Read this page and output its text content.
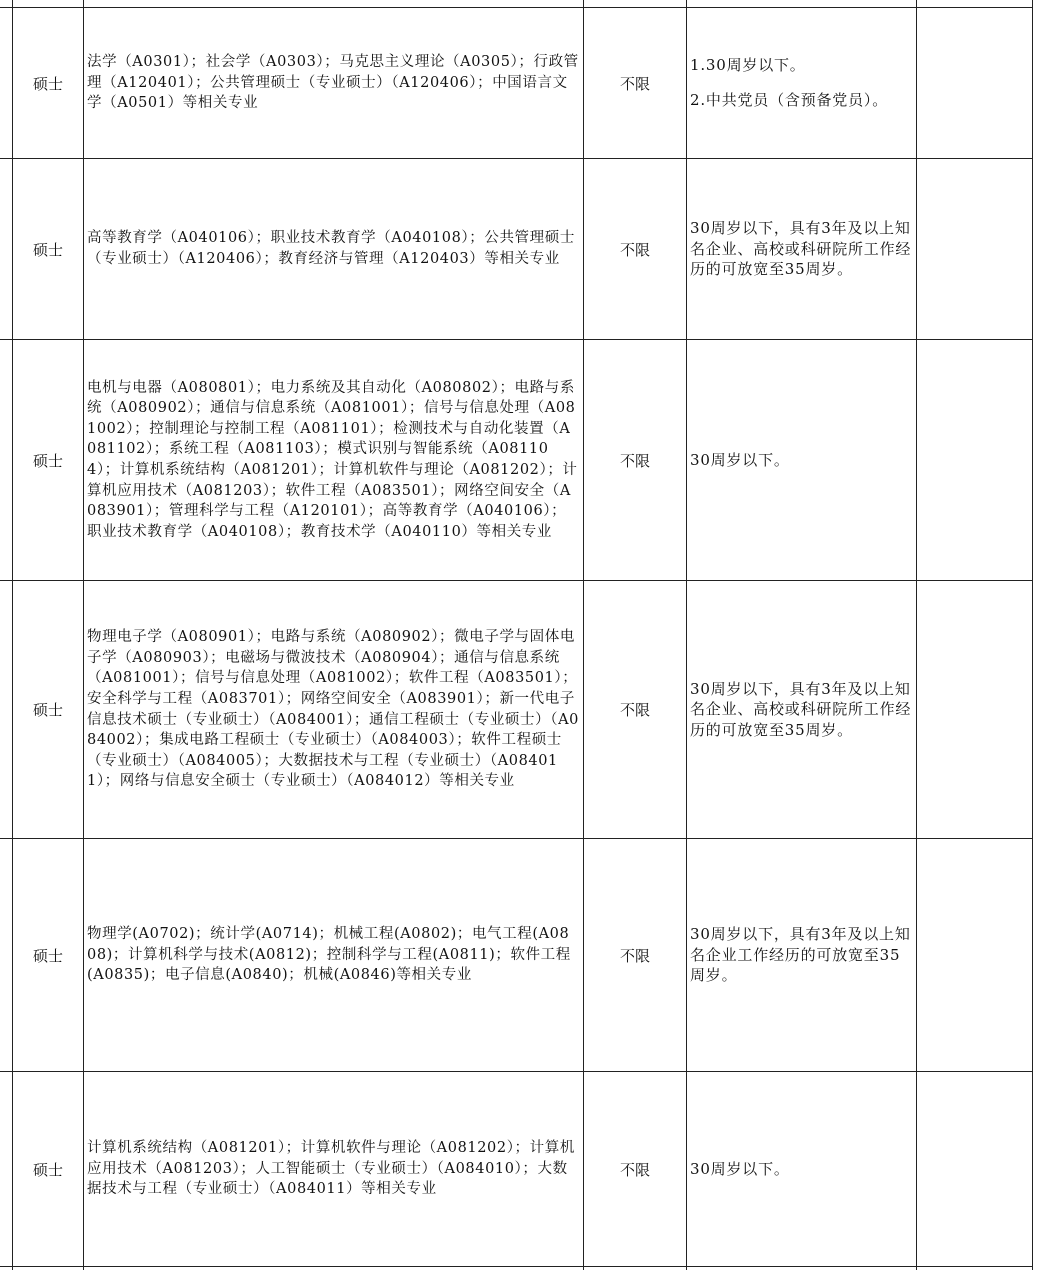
硕士
法学（A0301）；社会学（A0303）；马克思主义理论（A0305）；行政管理（A120401）；公共管理硕士（专业硕士）（A120406）；中国语言文学（A0501）等相关专业
不限

1.30周岁以下。

2.中共党员（含预备党员）。

硕士
高等教育学（A040106）；职业技术教育学（A040108）；公共管理硕士（专业硕士）（A120406）；教育经济与管理（A120403）等相关专业
不限

30周岁以下，具有3年及以上知名企业、高校或科研院所工作经历的可放宽至35周岁。

硕士
电机与电器（A080801）；电力系统及其自动化（A080802）；电路与系统（A080902）；通信与信息系统（A081001）；信号与信息处理（A081002）；控制理论与控制工程（A081101）；检测技术与自动化装置（A081102）；系统工程（A081103）；模式识别与智能系统（A081104）；计算机系统结构（A081201）；计算机软件与理论（A081202）；计算机应用技术（A081203）；软件工程（A083501）；网络空间安全（A083901）；管理科学与工程（A120101）；高等教育学（A040106）；职业技术教育学（A040108）；教育技术学（A040110）等相关专业
不限	30周岁以下。

硕士
物理电子学（A080901）；电路与系统（A080902）；微电子学与固体电子学（A080903）；电磁场与微波技术（A080904）；通信与信息系统（A081001）；信号与信息处理（A081002）；软件工程（A083501）；安全科学与工程（A083701）；网络空间安全（A083901）；新一代电子信息技术硕士（专业硕士）（A084001）；通信工程硕士（专业硕士）（A084002）；集成电路工程硕士（专业硕士）（A084003）；软件工程硕士（专业硕士）（A084005）；大数据技术与工程（专业硕士）（A084011）；网络与信息安全硕士（专业硕士）（A084012）等相关专业
不限

30周岁以下，具有3年及以上知名企业、高校或科研院所工作经历的可放宽至35周岁。

硕士
物理学(A0702)；统计学(A0714)；机械工程(A0802)；电气工程(A0808)；计算机科学与技术(A0812)；控制科学与工程(A0811)；软件工程(A0835)；电子信息(A0840)；机械(A0846)等相关专业
不限

30周岁以下，具有3年及以上知名企业工作经历的可放宽至35周岁。

硕士
计算机系统结构（A081201）；计算机软件与理论（A081202）；计算机应用技术（A081203）；人工智能硕士（专业硕士）（A084010）；大数据技术与工程（专业硕士）（A084011）等相关专业
不限	30周岁以下。
